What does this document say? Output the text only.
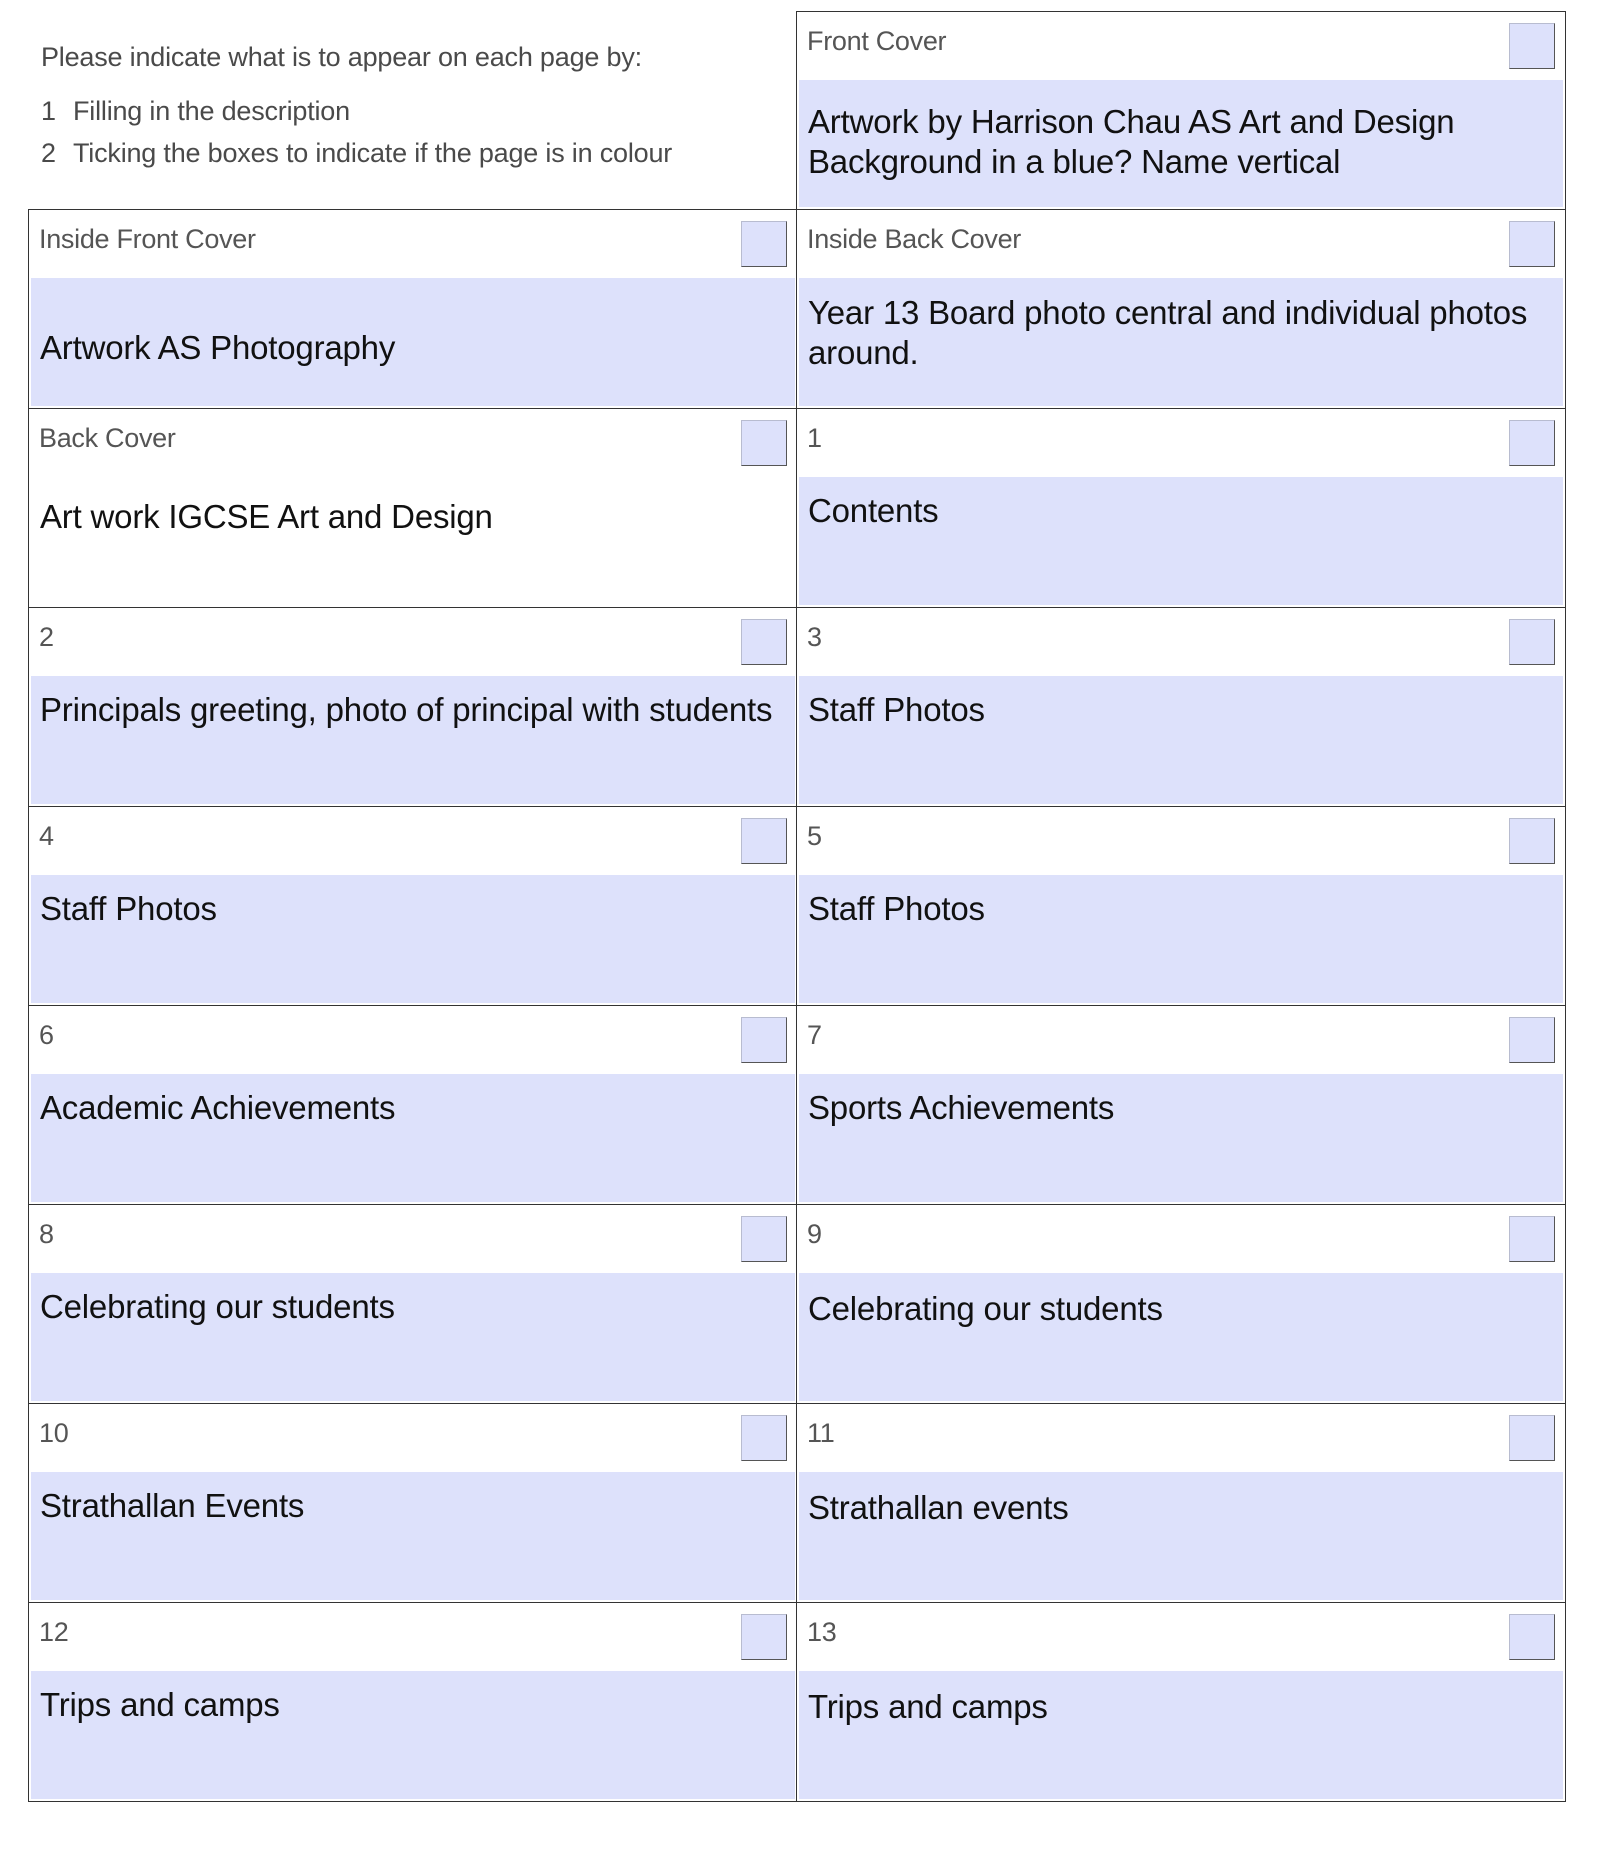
Please indicate what is to appear on each page by:
1 Filling in the description
2 Ticking the boxes to indicate if the page is in colour
Front Cover
Artwork by Harrison Chau AS Art and Design Background in a blue? Name vertical
Inside Front Cover
Artwork AS Photography
Inside Back Cover
Year 13 Board photo central and individual photos around.
Back Cover
Art work IGCSE Art and Design
1
Contents
2
Principals greeting, photo of principal with students
3
Staff Photos
4
Staff Photos
5
Staff Photos
6
Academic Achievements
7
Sports Achievements
8
Celebrating our students
9
Celebrating our students
10
Strathallan Events
11
Strathallan events
12
Trips and camps
13
Trips and camps
